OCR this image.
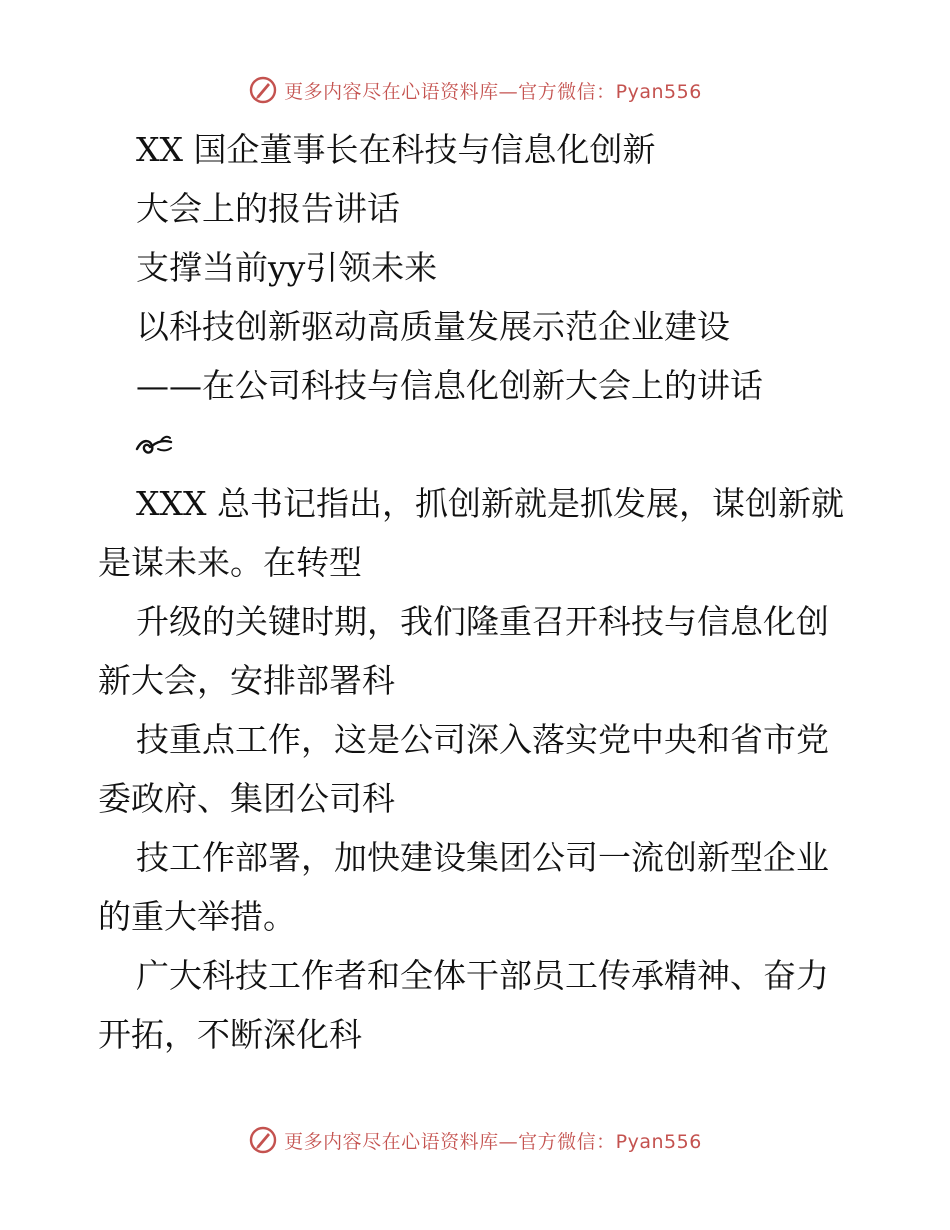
更多内容尽在心语资料库—官方微信：Pyan556
XX 国企董事长在科技与信息化创新
大会上的报告讲话
支撑当前yy引领未来
以科技创新驱动高质量发展示范企业建设
——在公司科技与信息化创新大会上的讲话
XXX 总书记指出，抓创新就是抓发展，谋创新就
是谋未来。在转型
升级的关键时期，我们隆重召开科技与信息化创
新大会，安排部署科
技重点工作，这是公司深入落实党中央和省市党
委政府、集团公司科
技工作部署，加快建设集团公司一流创新型企业
的重大举措。
广大科技工作者和全体干部员工传承精神、奋力
开拓，不断深化科
更多内容尽在心语资料库—官方微信：Pyan556
